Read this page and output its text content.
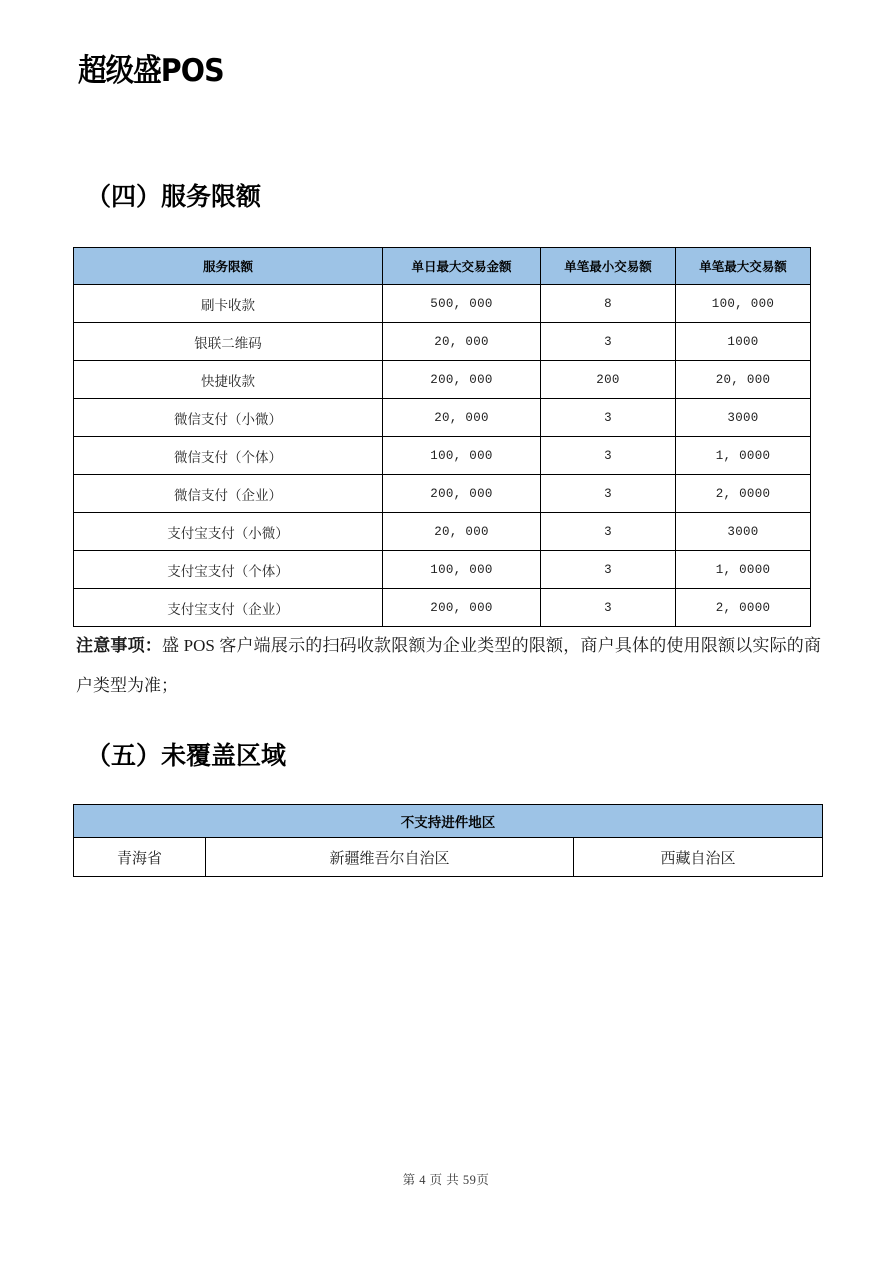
超级盛POS
（四）服务限额
服务限额	单日最大交易金额	单笔最小交易额	单笔最大交易额
刷卡收款	500, 000	8	100, 000
银联二维码	20, 000	3	1000
快捷收款	200, 000	200	20, 000
微信支付（小微）	20, 000	3	3000
微信支付（个体）	100, 000	3	1, 0000
微信支付（企业）	200, 000	3	2, 0000
支付宝支付（小微）	20, 000	3	3000
支付宝支付（个体）	100, 000	3	1, 0000
支付宝支付（企业）	200, 000	3	2, 0000
注意事项：盛 POS 客户端展示的扫码收款限额为企业类型的限额，商户具体的使用限额以实际的商户类型为准；
（五）未覆盖区域
不支持进件地区
青海省	新疆维吾尔自治区	西藏自治区
第 4 页 共 59页
